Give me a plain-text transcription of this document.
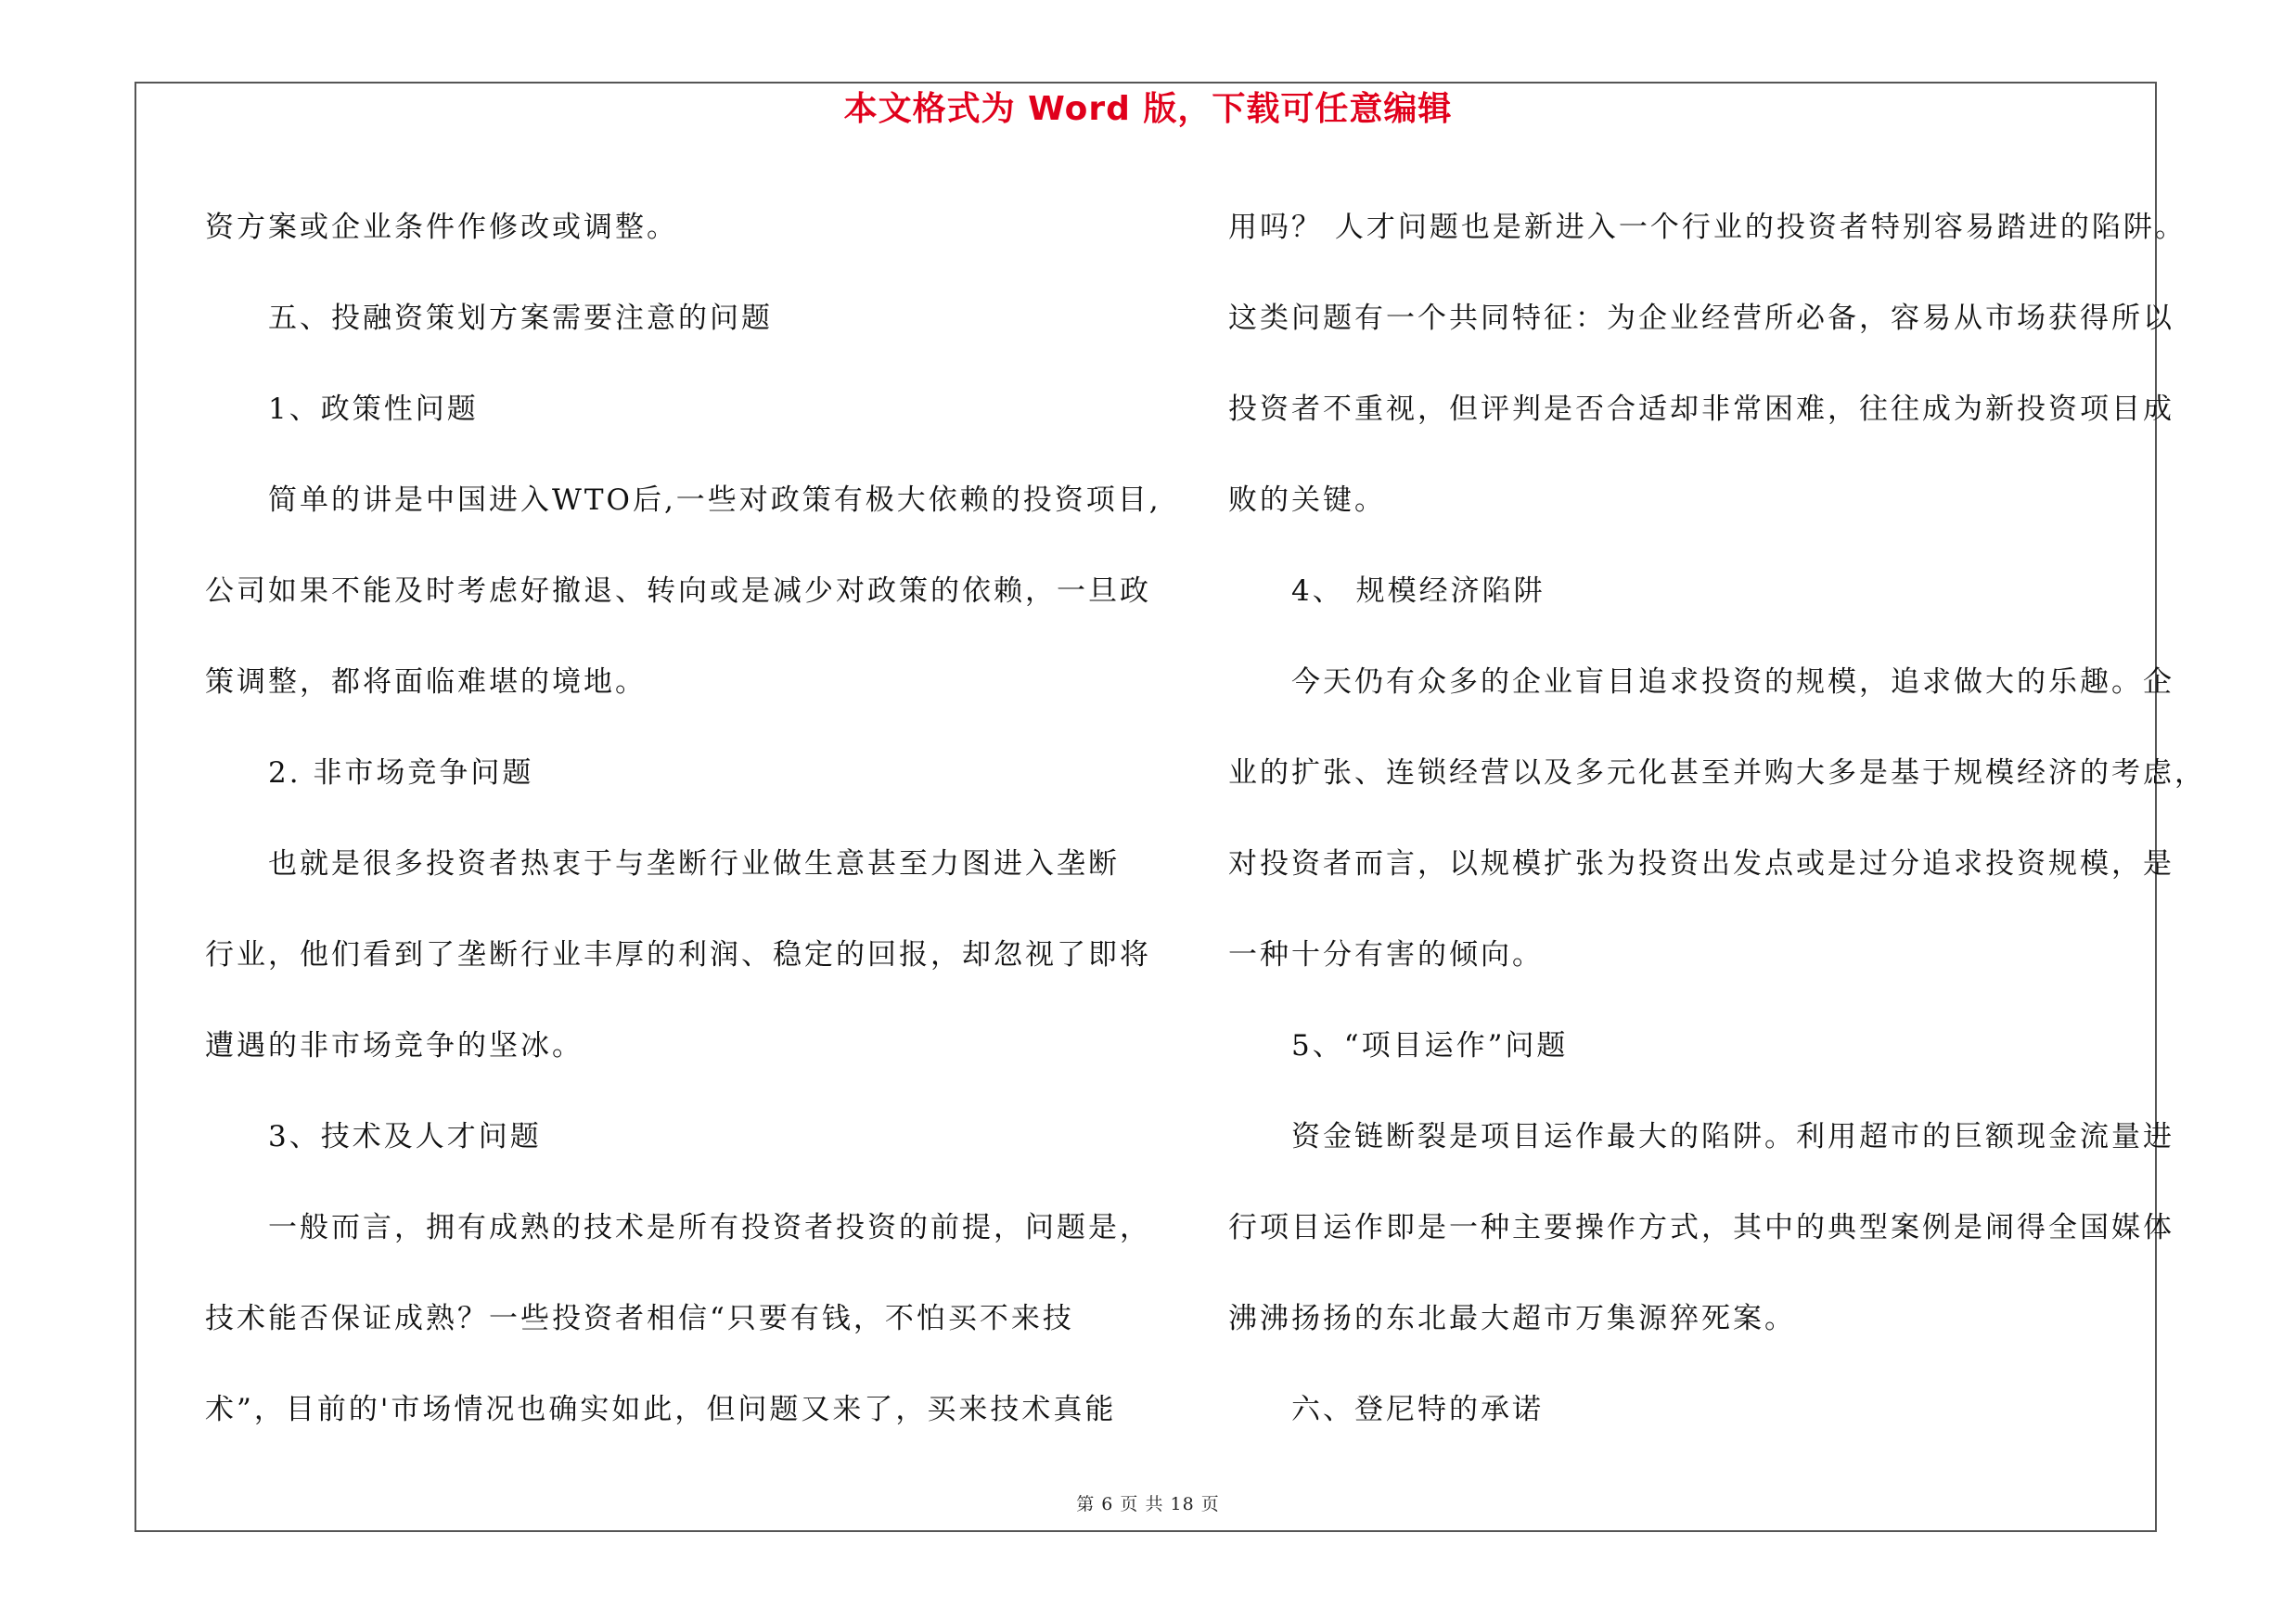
本文格式为 Word 版，下载可任意编辑

资方案或企业条件作修改或调整。

　　五、投融资策划方案需要注意的问题

　　1、政策性问题

　　简单的讲是中国进入WTO后,一些对政策有极大依赖的投资项目,

公司如果不能及时考虑好撤退、转向或是减少对政策的依赖，一旦政

策调整，都将面临难堪的境地。

　　2. 非市场竞争问题

　　也就是很多投资者热衷于与垄断行业做生意甚至力图进入垄断

行业，他们看到了垄断行业丰厚的利润、稳定的回报，却忽视了即将

遭遇的非市场竞争的坚冰。

　　3、技术及人才问题

　　一般而言，拥有成熟的技术是所有投资者投资的前提，问题是，

技术能否保证成熟？一些投资者相信“只要有钱，不怕买不来技

术”，目前的'市场情况也确实如此，但问题又来了，买来技术真能

用吗？ 人才问题也是新进入一个行业的投资者特别容易踏进的陷阱。

这类问题有一个共同特征：为企业经营所必备，容易从市场获得所以

投资者不重视，但评判是否合适却非常困难，往往成为新投资项目成

败的关键。

　　4、 规模经济陷阱

　　今天仍有众多的企业盲目追求投资的规模，追求做大的乐趣。企

业的扩张、连锁经营以及多元化甚至并购大多是基于规模经济的考虑，

对投资者而言，以规模扩张为投资出发点或是过分追求投资规模，是

一种十分有害的倾向。

　　5、“项目运作”问题

　　资金链断裂是项目运作最大的陷阱。利用超市的巨额现金流量进

行项目运作即是一种主要操作方式，其中的典型案例是闹得全国媒体

沸沸扬扬的东北最大超市万集源猝死案。

　　六、登尼特的承诺

第 6 页 共 18 页
